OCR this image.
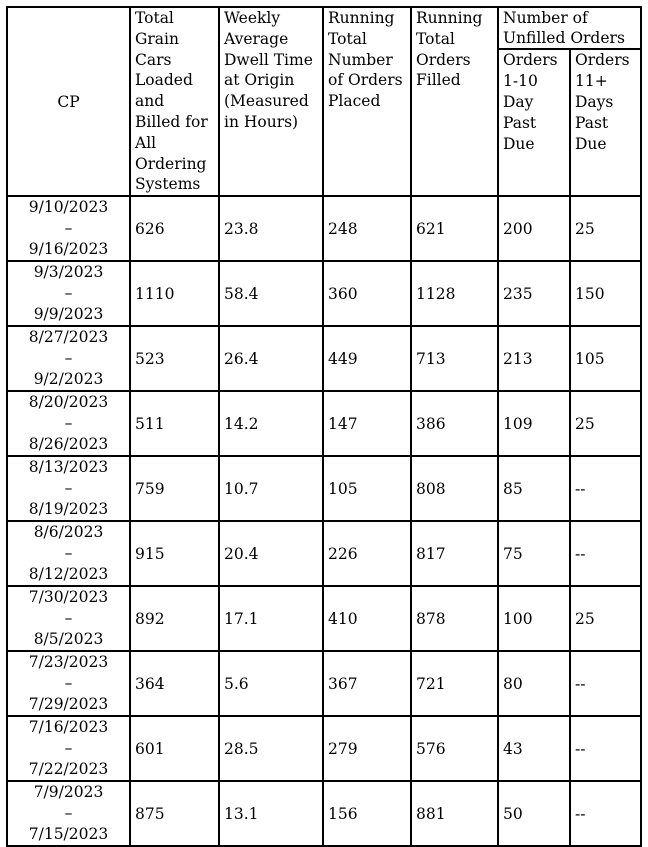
CP	Total Grain Cars Loaded and Billed for All Ordering Systems	Weekly Average Dwell Time at Origin (Measured in Hours)	Running Total Number of Orders Placed	Running Total Orders Filled	Number of Unfilled Orders	
					Orders 1-10 Day Past Due	Orders 11+ Days Past Due

9/10/2023
–
9/16/2023	626	23.8	248	621	200	25

9/3/2023
–
9/9/2023	1110	58.4	360	1128	235	150

8/27/2023
–
9/2/2023	523	26.4	449	713	213	105

8/20/2023
–
8/26/2023	511	14.2	147	386	109	25

8/13/2023
–
8/19/2023	759	10.7	105	808	85	--

8/6/2023
–
8/12/2023	915	20.4	226	817	75	--

7/30/2023
–
8/5/2023	892	17.1	410	878	100	25

7/23/2023
–
7/29/2023	364	5.6	367	721	80	--

7/16/2023
–
7/22/2023	601	28.5	279	576	43	--

7/9/2023
–
7/15/2023	875	13.1	156	881	50	--
